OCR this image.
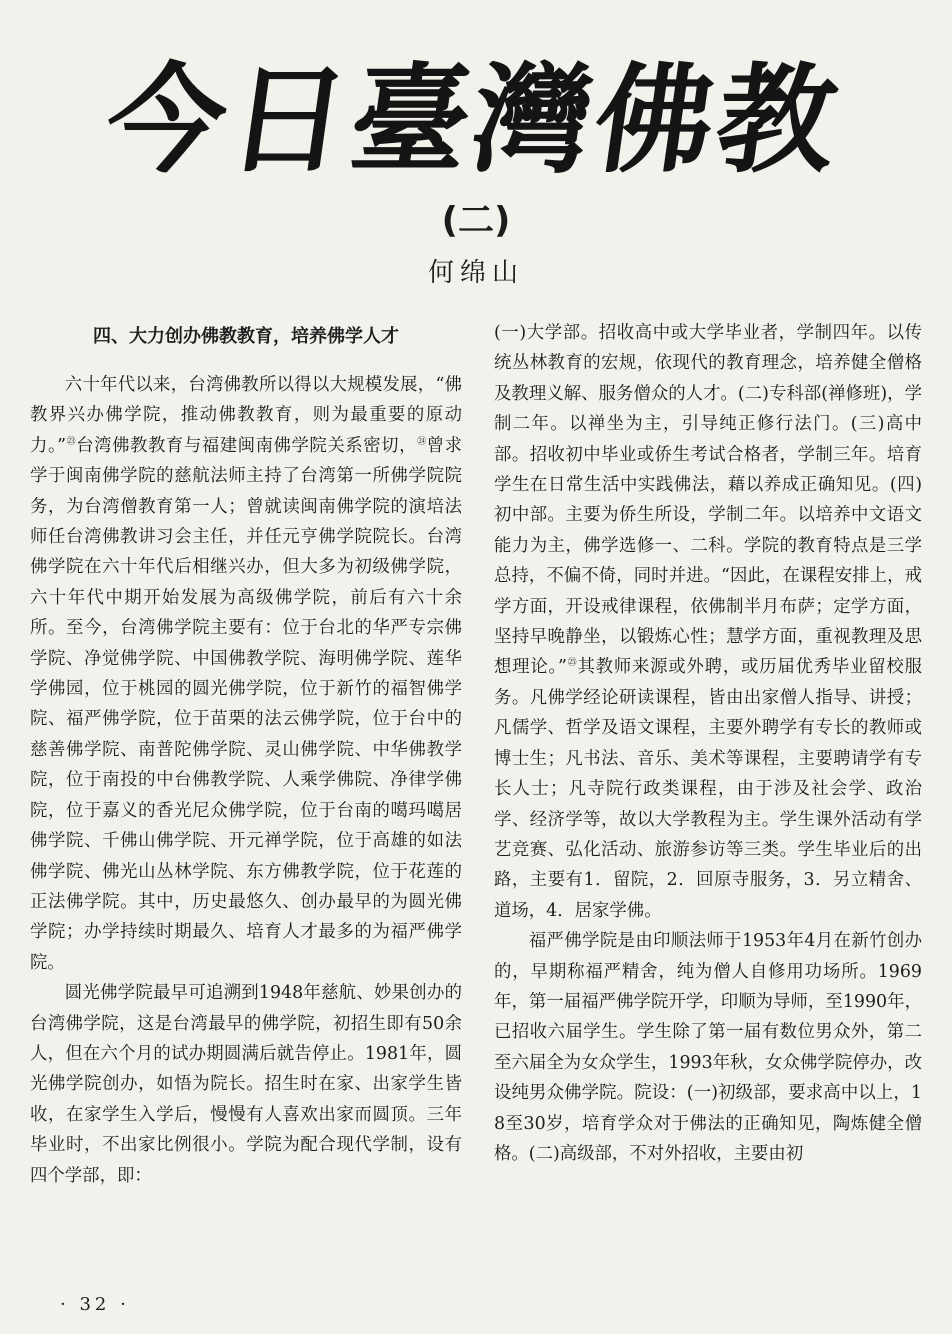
今日臺灣佛教
(二)
何绵山
四、大力创办佛教教育，培养佛学人才

六十年代以来，台湾佛教所以得以大规模发展，“佛教界兴办佛学院，推动佛教教育，则为最重要的原动力。”$^㉓$台湾佛教教育与福建闽南佛学院关系密切，$^㉔$曾求学于闽南佛学院的慈航法师主持了台湾第一所佛学院院务，为台湾僧教育第一人；曾就读闽南佛学院的演培法师任台湾佛教讲习会主任，并任元亨佛学院院长。台湾佛学院在六十年代后相继兴办，但大多为初级佛学院，六十年代中期开始发展为高级佛学院，前后有六十余所。至今，台湾佛学院主要有：位于台北的华严专宗佛学院、净觉佛学院、中国佛教学院、海明佛学院、莲华学佛园，位于桃园的圆光佛学院，位于新竹的福智佛学院、福严佛学院，位于苗栗的法云佛学院，位于台中的慈善佛学院、南普陀佛学院、灵山佛学院、中华佛教学院，位于南投的中台佛教学院、人乘学佛院、净律学佛院，位于嘉义的香光尼众佛学院，位于台南的噶玛噶居佛学院、千佛山佛学院、开元禅学院，位于高雄的如法佛学院、佛光山丛林学院、东方佛教学院，位于花莲的正法佛学院。其中，历史最悠久、创办最早的为圆光佛学院；办学持续时期最久、培育人才最多的为福严佛学院。

圆光佛学院最早可追溯到1948年慈航、妙果创办的台湾佛学院，这是台湾最早的佛学院，初招生即有50余人，但在六个月的试办期圆满后就告停止。1981年，圆光佛学院创办，如悟为院长。招生时在家、出家学生皆收，在家学生入学后，慢慢有人喜欢出家而圆顶。三年毕业时，不出家比例很小。学院为配合现代学制，设有四个学部，即：

(一)大学部。招收高中或大学毕业者，学制四年。以传统丛林教育的宏规，依现代的教育理念，培养健全僧格及教理义解、服务僧众的人才。(二)专科部(禅修班)，学制二年。以禅坐为主，引导纯正修行法门。(三)高中部。招收初中毕业或侨生考试合格者，学制三年。培育学生在日常生活中实践佛法，藉以养成正确知见。(四)初中部。主要为侨生所设，学制二年。以培养中文语文能力为主，佛学选修一、二科。学院的教育特点是三学总持，不偏不倚，同时并进。“因此，在课程安排上，戒学方面，开设戒律课程，依佛制半月布萨；定学方面，坚持早晚静坐，以锻炼心性；慧学方面，重视教理及思想理论。”$^㉕$其教师来源或外聘，或历届优秀毕业留校服务。凡佛学经论研读课程，皆由出家僧人指导、讲授；凡儒学、哲学及语文课程，主要外聘学有专长的教师或博士生；凡书法、音乐、美术等课程，主要聘请学有专长人士；凡寺院行政类课程，由于涉及社会学、政治学、经济学等，故以大学教程为主。学生课外活动有学艺竞赛、弘化活动、旅游参访等三类。学生毕业后的出路，主要有1．留院，2．回原寺服务，3．另立精舍、道场，4．居家学佛。

福严佛学院是由印顺法师于1953年4月在新竹创办的，早期称福严精舍，纯为僧人自修用功场所。1969年，第一届福严佛学院开学，印顺为导师，至1990年，已招收六届学生。学生除了第一届有数位男众外，第二至六届全为女众学生，1993年秋，女众佛学院停办，改设纯男众佛学院。院设：(一)初级部，要求高中以上，18至30岁，培育学众对于佛法的正确知见，陶炼健全僧格。(二)高级部，不对外招收，主要由初

· 32 ·
